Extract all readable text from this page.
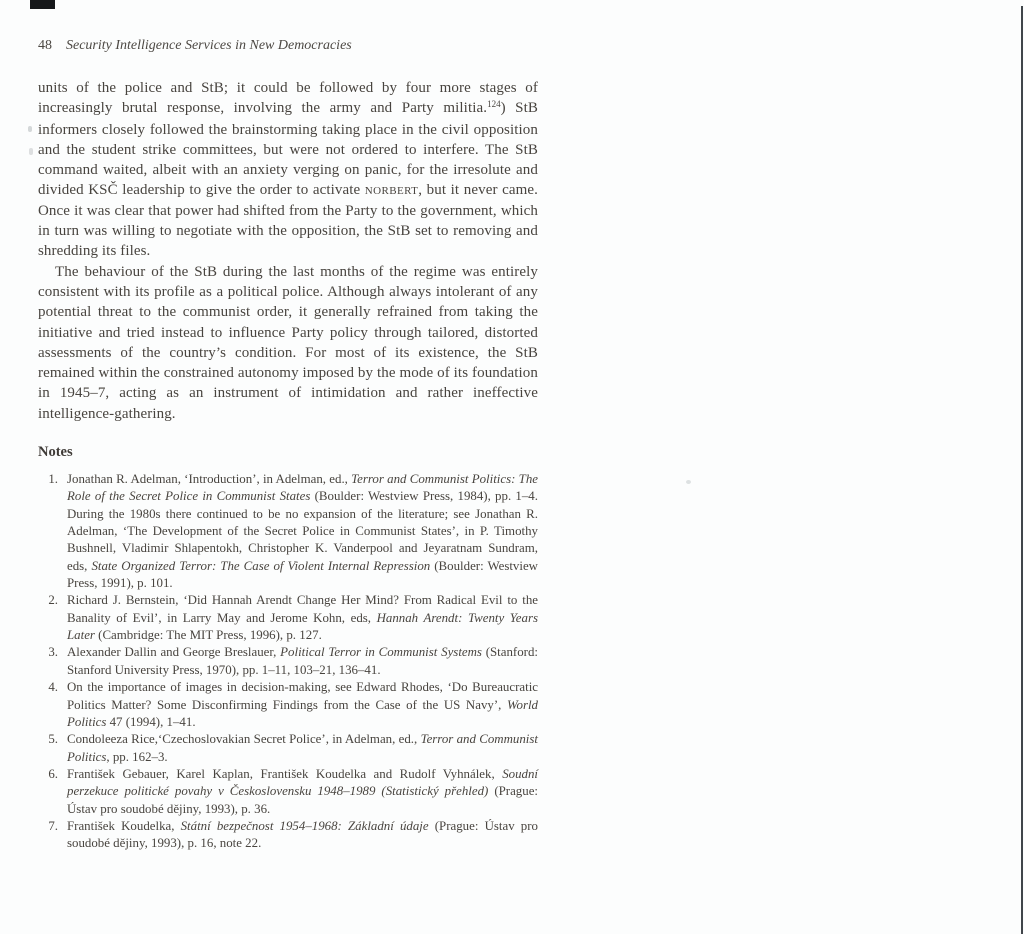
48 Security Intelligence Services in New Democracies

units of the police and StB; it could be followed by four more stages of increasingly brutal response, involving the army and Party militia.$^{124}$) StB informers closely followed the brainstorming taking place in the civil opposition and the student strike committees, but were not ordered to interfere. The StB command waited, albeit with an anxiety verging on panic, for the irresolute and divided KSČ leadership to give the order to activate norbert, but it never came. Once it was clear that power had shifted from the Party to the government, which in turn was willing to negotiate with the opposition, the StB set to removing and shredding its files.

The behaviour of the StB during the last months of the regime was entirely consistent with its profile as a political police. Although always intolerant of any potential threat to the communist order, it generally refrained from taking the initiative and tried instead to influence Party policy through tailored, distorted assessments of the country’s condition. For most of its existence, the StB remained within the constrained autonomy imposed by the mode of its foundation in 1945–7, acting as an instrument of intimidation and rather ineffective intelligence-gathering.

Notes
1. Jonathan R. Adelman, ‘Introduction’, in Adelman, ed., Terror and Communist Politics: The Role of the Secret Police in Communist States (Boulder: Westview Press, 1984), pp. 1–4. During the 1980s there continued to be no expansion of the literature; see Jonathan R. Adelman, ‘The Development of the Secret Police in Communist States’, in P. Timothy Bushnell, Vladimir Shlapentokh, Christopher K. Vanderpool and Jeyaratnam Sundram, eds, State Organized Terror: The Case of Violent Internal Repression (Boulder: Westview Press, 1991), p. 101.
2. Richard J. Bernstein, ‘Did Hannah Arendt Change Her Mind? From Radical Evil to the Banality of Evil’, in Larry May and Jerome Kohn, eds, Hannah Arendt: Twenty Years Later (Cambridge: The MIT Press, 1996), p. 127.
3. Alexander Dallin and George Breslauer, Political Terror in Communist Systems (Stanford: Stanford University Press, 1970), pp. 1–11, 103–21, 136–41.
4. On the importance of images in decision-making, see Edward Rhodes, ‘Do Bureaucratic Politics Matter? Some Disconfirming Findings from the Case of the US Navy’, World Politics 47 (1994), 1–41.
5. Condoleeza Rice,‘Czechoslovakian Secret Police’, in Adelman, ed., Terror and Communist Politics, pp. 162–3.
6. František Gebauer, Karel Kaplan, František Koudelka and Rudolf Vyhnálek, Soudní perzekuce politické povahy v Československu 1948–1989 (Statistický přehled) (Prague: Ústav pro soudobé dějiny, 1993), p. 36.
7. František Koudelka, Státní bezpečnost 1954–1968: Základní údaje (Prague: Ústav pro soudobé dějiny, 1993), p. 16, note 22.
